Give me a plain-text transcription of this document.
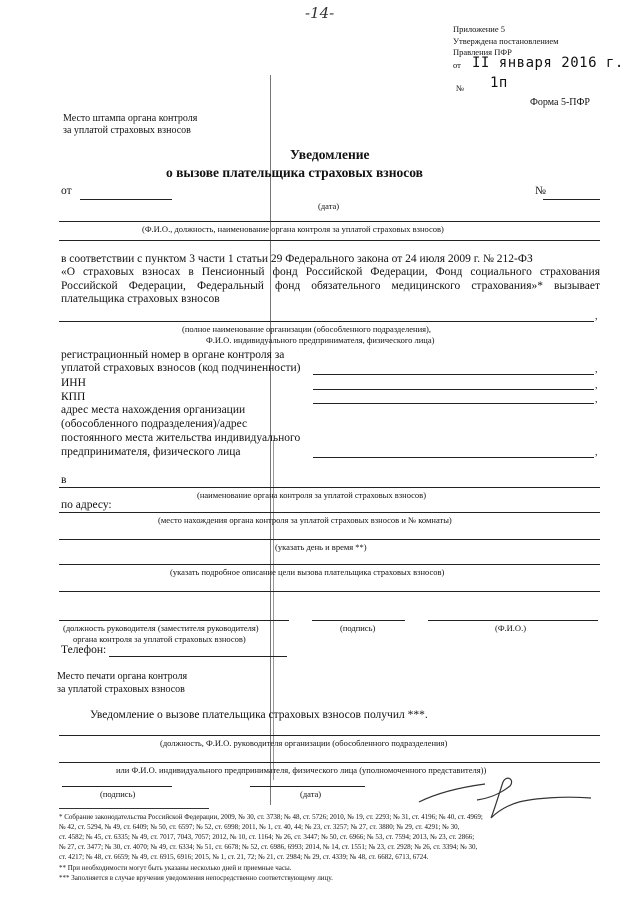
-14-
Приложение 5
Утверждена постановлением
Правления ПФР
от II января 2016 г.
№ 1п
Форма 5-ПФР
Место штампа органа контроля
за уплатой страховых взносов
Уведомление
о вызове плательщика страховых взносов
от
(дата)
№
(Ф.И.О., должность, наименование органа контроля за уплатой страховых взносов)
в соответствии с пунктом 3 части 1 статьи 29 Федерального закона от 24 июля 2009 г. № 212-ФЗ
«О страховых взносах в Пенсионный фонд Российской Федерации, Фонд социального страхования
Российской Федерации, Федеральный фонд обязательного медицинского страхования»* вызывает
плательщика страховых взносов
,
(полное наименование организации (обособленного подразделения),
Ф.И.О. индивидуального предпринимателя, физического лица)
регистрационный номер в органе контроля за
уплатой страховых взносов (код подчиненности)	,
ИНН	,
КПП	,
адрес места нахождения организации
(обособленного подразделения)/адрес
постоянного места жительства индивидуального
предпринимателя, физического лица	,
в
(наименование органа контроля за уплатой страховых взносов)
по адресу:
(место нахождения органа контроля за уплатой страховых взносов и № комнаты)
(указать день и время **)
(указать подробное описание цели вызова плательщика страховых взносов)
(должность руководителя (заместителя руководителя)
органа контроля за уплатой страховых взносов)
(подпись)	(Ф.И.О.)
Телефон:
Место печати органа контроля
за уплатой страховых взносов
Уведомление о вызове плательщика страховых взносов получил ***.
(должность, Ф.И.О. руководителя организации (обособленного подразделения)
или Ф.И.О. индивидуального предпринимателя, физического лица (уполномоченного представителя))
(подпись)	(дата)
* Собрание законодательства Российской Федерации, 2009, № 30, ст. 3738; № 48, ст. 5726; 2010, № 19, ст. 2293; № 31, ст. 4196; № 40, ст. 4969;
№ 42, ст. 5294, № 49, ст. 6409; № 50, ст. 6597; № 52, ст. 6998; 2011, № 1, ст. 40, 44; № 23, ст. 3257; № 27, ст. 3880; № 29, ст. 4291; № 30,
ст. 4582; № 45, ст. 6335; № 49, ст. 7017, 7043, 7057; 2012, № 10, ст. 1164; № 26, ст. 3447; № 50, ст. 6966; № 53, ст. 7594; 2013, № 23, ст. 2866;
№ 27, ст. 3477; № 30, ст. 4070; № 49, ст. 6334; № 51, ст. 6678; № 52, ст. 6986, 6993; 2014, № 14, ст. 1551; № 23, ст. 2928; № 26, ст. 3394; № 30,
ст. 4217; № 48, ст. 6659; № 49, ст. 6915, 6916; 2015, № 1, ст. 21, 72; № 21, ст. 2984; № 29, ст. 4339; № 48, ст. 6682, 6713, 6724.
** При необходимости могут быть указаны несколько дней и приемные часы.
*** Заполняется в случае вручения уведомления непосредственно соответствующему лицу.
